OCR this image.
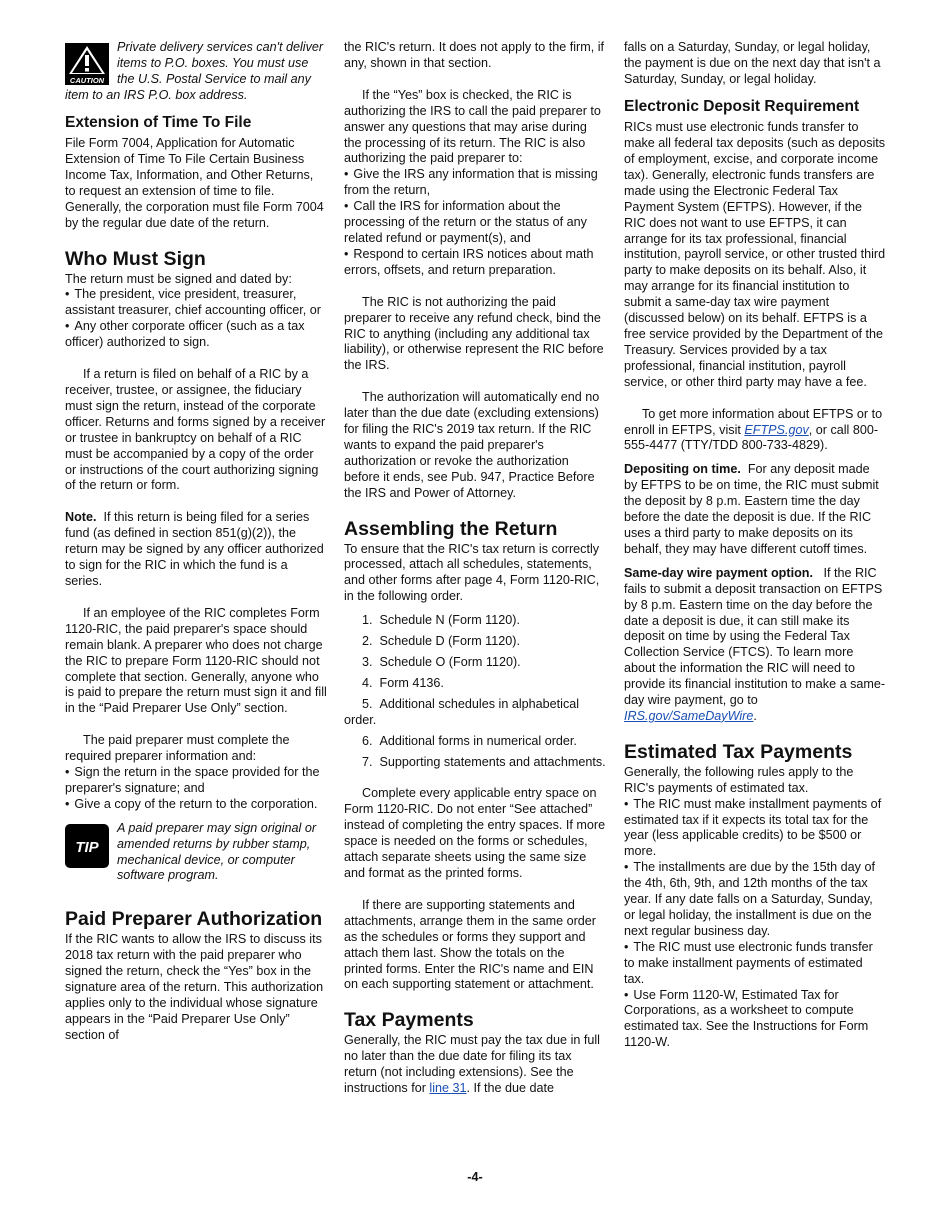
CAUTION
Private delivery services can't deliver items to P.O. boxes. You must use the U.S. Postal Service to mail any item to an IRS P.O. box address.
Extension of Time To File

File Form 7004, Application for Automatic Extension of Time To File Certain Business Income Tax, Information, and Other Returns, to request an extension of time to file. Generally, the corporation must file Form 7004 by the regular due date of the return.

Who Must Sign
The return must be signed and dated by:
• The president, vice president, treasurer, assistant treasurer, chief accounting officer, or
• Any other corporate officer (such as a tax officer) authorized to sign.

If a return is filed on behalf of a RIC by a receiver, trustee, or assignee, the fiduciary must sign the return, instead of the corporate officer. Returns and forms signed by a receiver or trustee in bankruptcy on behalf of a RIC must be accompanied by a copy of the order or instructions of the court authorizing signing of the return or form.

Note. If this return is being filed for a series fund (as defined in section 851(g)(2)), the return may be signed by any officer authorized to sign for the RIC in which the fund is a series.

If an employee of the RIC completes Form 1120-RIC, the paid preparer's space should remain blank. A preparer who does not charge the RIC to prepare Form 1120-RIC should not complete that section. Generally, anyone who is paid to prepare the return must sign it and fill in the “Paid Preparer Use Only” section.

The paid preparer must complete the required preparer information and:
• Sign the return in the space provided for the preparer's signature; and
• Give a copy of the return to the corporation.
TIP
A paid preparer may sign original or amended returns by rubber stamp, mechanical device, or computer software program.
Paid Preparer Authorization

If the RIC wants to allow the IRS to discuss its 2018 tax return with the paid preparer who signed the return, check the “Yes” box in the signature area of the return. This authorization applies only to the individual whose signature appears in the “Paid Preparer Use Only” section of

the RIC's return. It does not apply to the firm, if any, shown in that section.

If the “Yes” box is checked, the RIC is authorizing the IRS to call the paid preparer to answer any questions that may arise during the processing of its return. The RIC is also authorizing the paid preparer to:

• Give the IRS any information that is missing from the return,
• Call the IRS for information about the processing of the return or the status of any related refund or payment(s), and
• Respond to certain IRS notices about math errors, offsets, and return preparation.

The RIC is not authorizing the paid preparer to receive any refund check, bind the RIC to anything (including any additional tax liability), or otherwise represent the RIC before the IRS.

The authorization will automatically end no later than the due date (excluding extensions) for filing the RIC's 2019 tax return. If the RIC wants to expand the paid preparer's authorization or revoke the authorization before it ends, see Pub. 947, Practice Before the IRS and Power of Attorney.

Assembling the Return

To ensure that the RIC's tax return is correctly processed, attach all schedules, statements, and other forms after page 4, Form 1120-RIC, in the following order.

1.  Schedule N (Form 1120).
2.  Schedule D (Form 1120).
3.  Schedule O (Form 1120).
4.  Form 4136.
5.  Additional schedules in alphabetical order.
6.  Additional forms in numerical order.
7.  Supporting statements and attachments.

Complete every applicable entry space on Form 1120-RIC. Do not enter “See attached” instead of completing the entry spaces. If more space is needed on the forms or schedules, attach separate sheets using the same size and format as the printed forms.

If there are supporting statements and attachments, arrange them in the same order as the schedules or forms they support and attach them last. Show the totals on the printed forms. Enter the RIC's name and EIN on each supporting statement or attachment.

Tax Payments

Generally, the RIC must pay the tax due in full no later than the due date for filing its tax return (not including extensions). See the instructions for line 31. If the due date

falls on a Saturday, Sunday, or legal holiday, the payment is due on the next day that isn't a Saturday, Sunday, or legal holiday.

Electronic Deposit Requirement

RICs must use electronic funds transfer to make all federal tax deposits (such as deposits of employment, excise, and corporate income tax). Generally, electronic funds transfers are made using the Electronic Federal Tax Payment System (EFTPS). However, if the RIC does not want to use EFTPS, it can arrange for its tax professional, financial institution, payroll service, or other trusted third party to make deposits on its behalf. Also, it may arrange for its financial institution to submit a same-day tax wire payment (discussed below) on its behalf. EFTPS is a free service provided by the Department of the Treasury. Services provided by a tax professional, financial institution, payroll service, or other third party may have a fee.

To get more information about EFTPS or to enroll in EFTPS, visit EFTPS.gov, or call 800-555-4477 (TTY/TDD 800-733-4829).

Depositing on time. For any deposit made by EFTPS to be on time, the RIC must submit the deposit by 8 p.m. Eastern time the day before the date the deposit is due. If the RIC uses a third party to make deposits on its behalf, they may have different cutoff times.

Same-day wire payment option. If the RIC fails to submit a deposit transaction on EFTPS by 8 p.m. Eastern time on the day before the date a deposit is due, it can still make its deposit on time by using the Federal Tax Collection Service (FTCS). To learn more about the information the RIC will need to provide its financial institution to make a same-day wire payment, go to IRS.gov/SameDayWire.

Estimated Tax Payments
Generally, the following rules apply to the RIC's payments of estimated tax.
• The RIC must make installment payments of estimated tax if it expects its total tax for the year (less applicable credits) to be $500 or more.
• The installments are due by the 15th day of the 4th, 6th, 9th, and 12th months of the tax year. If any date falls on a Saturday, Sunday, or legal holiday, the installment is due on the next regular business day.
• The RIC must use electronic funds transfer to make installment payments of estimated tax.
• Use Form 1120-W, Estimated Tax for Corporations, as a worksheet to compute estimated tax. See the Instructions for Form 1120-W.
-4-
